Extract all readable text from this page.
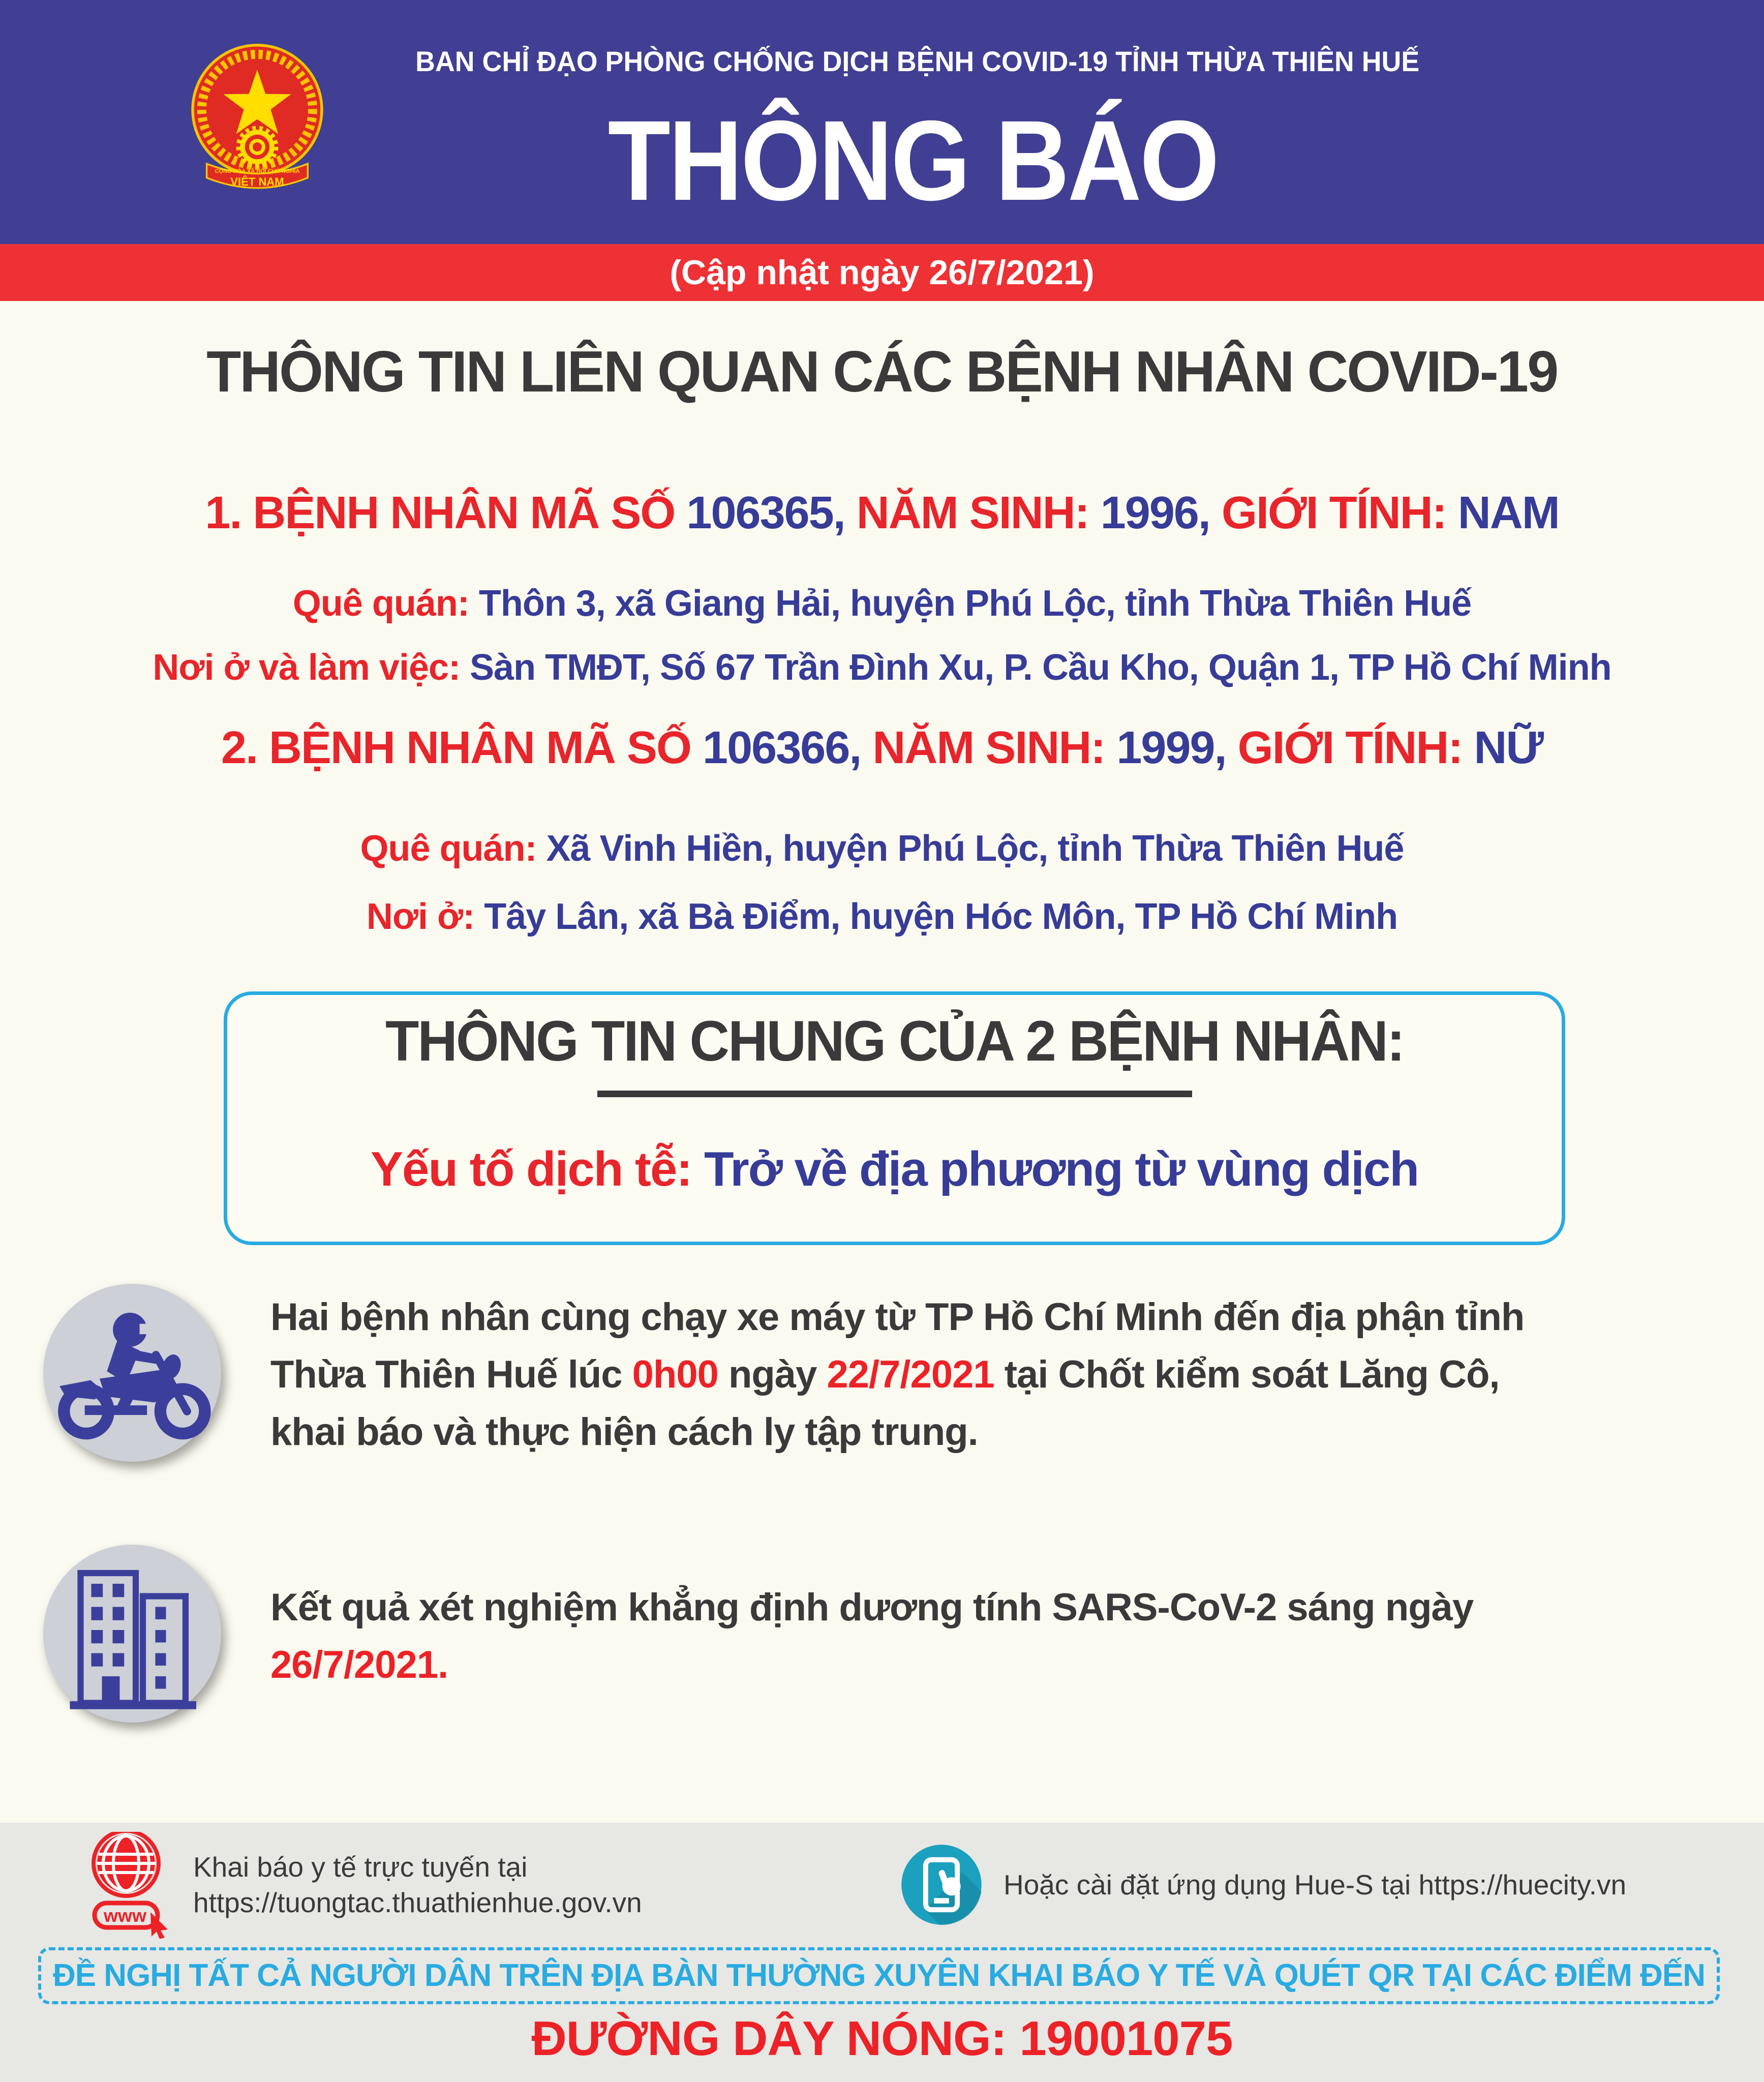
CỘNG HÒA XÃ HỘI CHỦ NGHĨA
VIỆT NAM
BAN CHỈ ĐẠO PHÒNG CHỐNG DỊCH BỆNH COVID-19 TỈNH THỪA THIÊN HUẾ
THÔNG BÁO
(Cập nhật ngày 26/7/2021)
THÔNG TIN LIÊN QUAN CÁC BỆNH NHÂN COVID-19
1. BỆNH NHÂN MÃ SỐ 106365, NĂM SINH: 1996, GIỚI TÍNH: NAM
Quê quán: Thôn 3, xã Giang Hải, huyện Phú Lộc, tỉnh Thừa Thiên Huế
Nơi ở và làm việc: Sàn TMĐT, Số 67 Trần Đình Xu, P. Cầu Kho, Quận 1, TP Hồ Chí Minh
2. BỆNH NHÂN MÃ SỐ 106366, NĂM SINH: 1999, GIỚI TÍNH: NỮ
Quê quán: Xã Vinh Hiền, huyện Phú Lộc, tỉnh Thừa Thiên Huế
Nơi ở: Tây Lân, xã Bà Điểm, huyện Hóc Môn, TP Hồ Chí Minh
THÔNG TIN CHUNG CỦA 2 BỆNH NHÂN:
Yếu tố dịch tễ: Trở về địa phương từ vùng dịch
Hai bệnh nhân cùng chạy xe máy từ TP Hồ Chí Minh đến địa phận tỉnh
Thừa Thiên Huế lúc 0h00 ngày 22/7/2021 tại Chốt kiểm soát Lăng Cô,
khai báo và thực hiện cách ly tập trung.
Kết quả xét nghiệm khẳng định dương tính SARS-CoV-2 sáng ngày
26/7/2021.
www
Khai báo y tế trực tuyến tại
https://tuongtac.thuathienhue.gov.vn
Hoặc cài đặt ứng dụng Hue-S tại https://huecity.vn
ĐỀ NGHỊ TẤT CẢ NGƯỜI DÂN TRÊN ĐỊA BÀN THƯỜNG XUYÊN KHAI BÁO Y TẾ VÀ QUÉT QR TẠI CÁC ĐIỂM ĐẾN
ĐƯỜNG DÂY NÓNG: 19001075
